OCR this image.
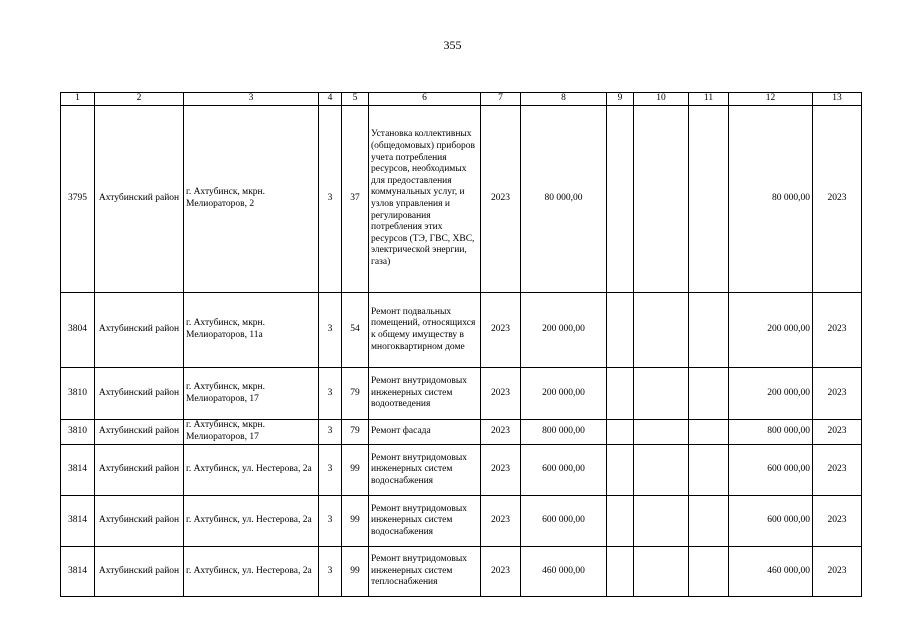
355
1	2	3	4	5	6	7	8	9	10	11	12	13
3795	Ахтубинский район	г. Ахтубинск, мкрн. Мелиораторов, 2	3	37	Установка коллективных (общедомовых) приборов учета потребления ресурсов, необходимых для предоставления коммунальных услуг, и узлов управления и регулирования потребления этих ресурсов (ТЭ, ГВС, ХВС, электрической энергии, газа)	2023	80 000,00				80 000,00	2023
3804	Ахтубинский район	г. Ахтубинск, мкрн. Мелиораторов, 11а	3	54	Ремонт подвальных помещений, относящихся к общему имуществу в многоквартирном доме	2023	200 000,00				200 000,00	2023
3810	Ахтубинский район	г. Ахтубинск, мкрн. Мелиораторов, 17	3	79	Ремонт внутридомовых инженерных систем водоотведения	2023	200 000,00				200 000,00	2023
3810	Ахтубинский район	г. Ахтубинск, мкрн. Мелиораторов, 17	3	79	Ремонт фасада	2023	800 000,00				800 000,00	2023
3814	Ахтубинский район	г. Ахтубинск, ул. Нестерова, 2а	3	99	Ремонт внутридомовых инженерных систем водоснабжения	2023	600 000,00				600 000,00	2023
3814	Ахтубинский район	г. Ахтубинск, ул. Нестерова, 2а	3	99	Ремонт внутридомовых инженерных систем водоснабжения	2023	600 000,00				600 000,00	2023
3814	Ахтубинский район	г. Ахтубинск, ул. Нестерова, 2а	3	99	Ремонт внутридомовых инженерных систем теплоснабжения	2023	460 000,00				460 000,00	2023
